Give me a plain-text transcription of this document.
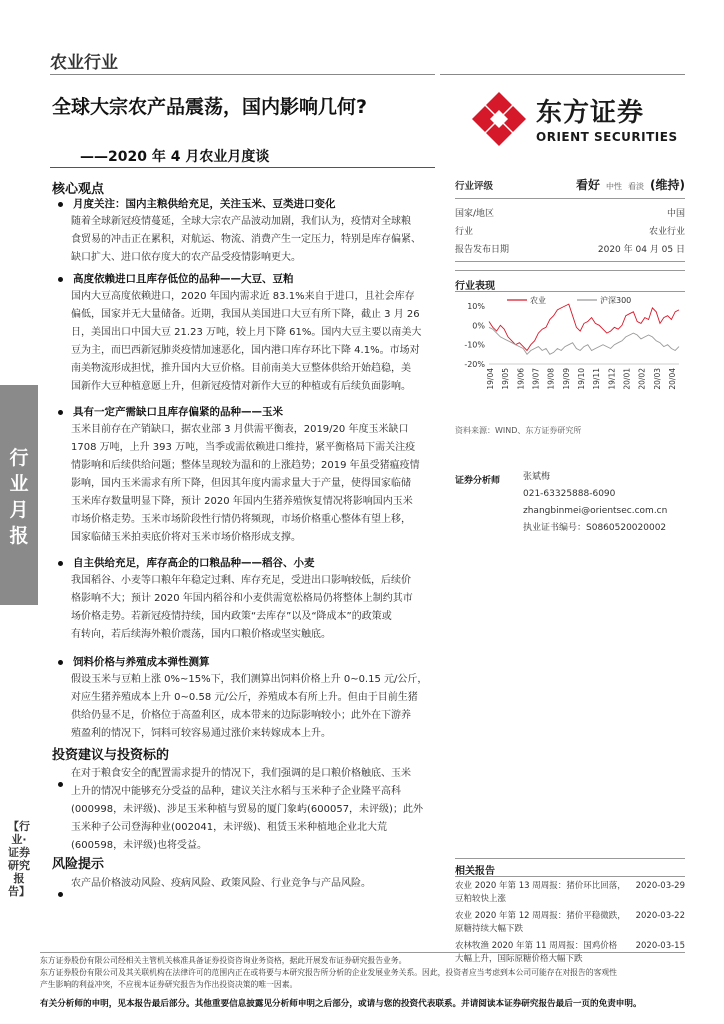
农业行业
全球大宗农产品震荡，国内影响几何?
——2020 年 4 月农业月度谈
东方证券
ORIENT SECURITIES
核心观点
月度关注：国内主粮供给充足，关注玉米、豆类进口变化
随着全球新冠疫情蔓延，全球大宗农产品波动加剧，我们认为，疫情对全球粮
食贸易的冲击正在累积，对航运、物流、消费产生一定压力，特别是库存偏紧、
缺口扩大、进口依存度大的农产品受疫情影响更大。
高度依赖进口且库存低位的品种——大豆、豆粕
国内大豆高度依赖进口，2020 年国内需求近 83.1%来自于进口，且社会库存
偏低，国家并无大量储备。近期，我国从美国进口大豆有所下降，截止 3 月 26
日，美国出口中国大豆 21.23 万吨，较上月下降 61%。国内大豆主要以南美大
豆为主，而巴西新冠肺炎疫情加速恶化，国内港口库存环比下降 4.1%。市场对
南美物流形成担忧，推升国内大豆价格。目前南美大豆整体供给开始趋稳，美
国新作大豆种植意愿上升，但新冠疫情对新作大豆的种植或有后续负面影响。
具有一定产需缺口且库存偏紧的品种——玉米
玉米目前存在产销缺口，据农业部 3 月供需平衡表，2019/20 年度玉米缺口
1708 万吨，上升 393 万吨，当季或需依赖进口维持，紧平衡格局下需关注疫
情影响和后续供给问题；整体呈现较为温和的上涨趋势；2019 年虽受猪瘟疫情
影响，国内玉米需求有所下降，但因其年度内需求量大于产量，使得国家临储
玉米库存数量明显下降，预计 2020 年国内生猪养殖恢复情况将影响国内玉米
市场价格走势。玉米市场阶段性行情仍将频现，市场价格重心整体有望上移，
国家临储玉米拍卖底价将对玉米市场价格形成支撑。
自主供给充足，库存高企的口粮品种——稻谷、小麦
我国稻谷、小麦等口粮年年稳定过剩、库存充足，受进出口影响较低，后续价
格影响不大；预计 2020 年国内稻谷和小麦供需宽松格局仍将整体上制约其市
场价格走势。若新冠疫情持续，国内政策“去库存”以及“降成本”的政策或
有转向，若后续海外粮价震荡，国内口粮价格或坚实触底。
饲料价格与养殖成本弹性测算
假设玉米与豆粕上涨 0%~15%下，我们测算出饲料价格上升 0~0.15 元/公斤，
对应生猪养殖成本上升 0~0.58 元/公斤，养殖成本有所上升。但由于目前生猪
供给仍显不足，价格位于高盈利区，成本带来的边际影响较小；此外在下游养
殖盈利的情况下，饲料可较容易通过涨价来转嫁成本上升。
投资建议与投资标的
在对于粮食安全的配置需求提升的情况下，我们强调的是口粮价格触底、玉米
上升的情况中能够充分受益的品种，建议关注水稻与玉米种子企业隆平高科
(000998，未评级)、涉足玉米种植与贸易的厦门象屿(600057，未评级)；此外
玉米种子公司登海种业(002041，未评级)、租赁玉米种植地企业北大荒
(600598，未评级)也将受益。
风险提示
农产品价格波动风险、疫病风险、政策风险、行业竞争与产品风险。
行业月报
【行业·证券研究报告】
行业评级	看好 中性 看淡 (维持)
国家/地区	中国
行业	农业行业
报告发布日期	2020 年 04 月 05 日
行业表现
农业	沪深300
10%
0%
-10%
-20%
19/04 19/05 19/06 19/07 19/08 19/09 19/10 19/11 19/12 20/01 20/02 20/03 20/04
资料来源：WIND、东方证券研究所
证券分析师	张斌梅
021-63325888-6090
zhangbinmei@orientsec.com.cn
执业证书编号：S0860520020002
相关报告
农业 2020 年第 13 周周报：猪价环比回落， 2020-03-29
豆粕较快上涨
农业 2020 年第 12 周周报：猪价平稳微跌， 2020-03-22
原糖持续大幅下跌
农林牧渔 2020 年第 11 周周报：国鸡价格 2020-03-15
大幅上升，国际原糖价格大幅下跌
东方证券股份有限公司经相关主管机关核准具备证券投资咨询业务资格，据此开展发布证券研究报告业务。
东方证券股份有限公司及其关联机构在法律许可的范围内正在或将要与本研究报告所分析的企业发展业务关系。因此，投资者应当考虑到本公司可能存在对报告的客观性
产生影响的利益冲突，不应视本证券研究报告为作出投资决策的唯一因素。
有关分析师的申明，见本报告最后部分。其他重要信息披露见分析师申明之后部分，或请与您的投资代表联系。并请阅读本证券研究报告最后一页的免责申明。
